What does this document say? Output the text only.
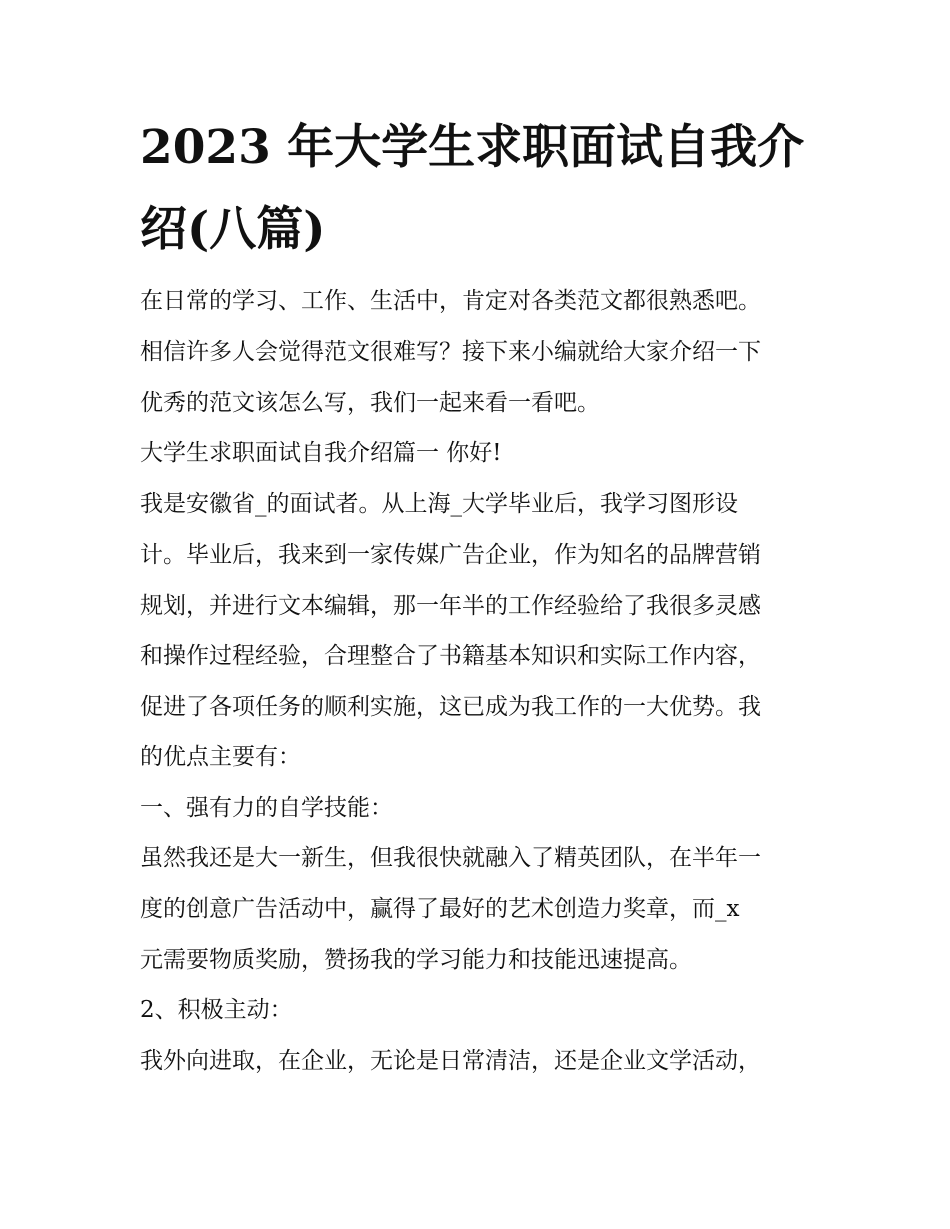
2023 年大学生求职面试自我介
绍(八篇)
在日常的学习、工作、生活中，肯定对各类范文都很熟悉吧。
相信许多人会觉得范文很难写？接下来小编就给大家介绍一下
优秀的范文该怎么写，我们一起来看一看吧。
大学生求职面试自我介绍篇一 你好!
我是安徽省_的面试者。从上海_大学毕业后，我学习图形设
计。毕业后，我来到一家传媒广告企业，作为知名的品牌营销
规划，并进行文本编辑，那一年半的工作经验给了我很多灵感
和操作过程经验，合理整合了书籍基本知识和实际工作内容，
促进了各项任务的顺利实施，这已成为我工作的一大优势。我
的优点主要有：
一、强有力的自学技能：
虽然我还是大一新生，但我很快就融入了精英团队，在半年一
度的创意广告活动中，赢得了最好的艺术创造力奖章，而_x
元需要物质奖励，赞扬我的学习能力和技能迅速提高。
2、积极主动：
我外向进取，在企业，无论是日常清洁，还是企业文学活动，
